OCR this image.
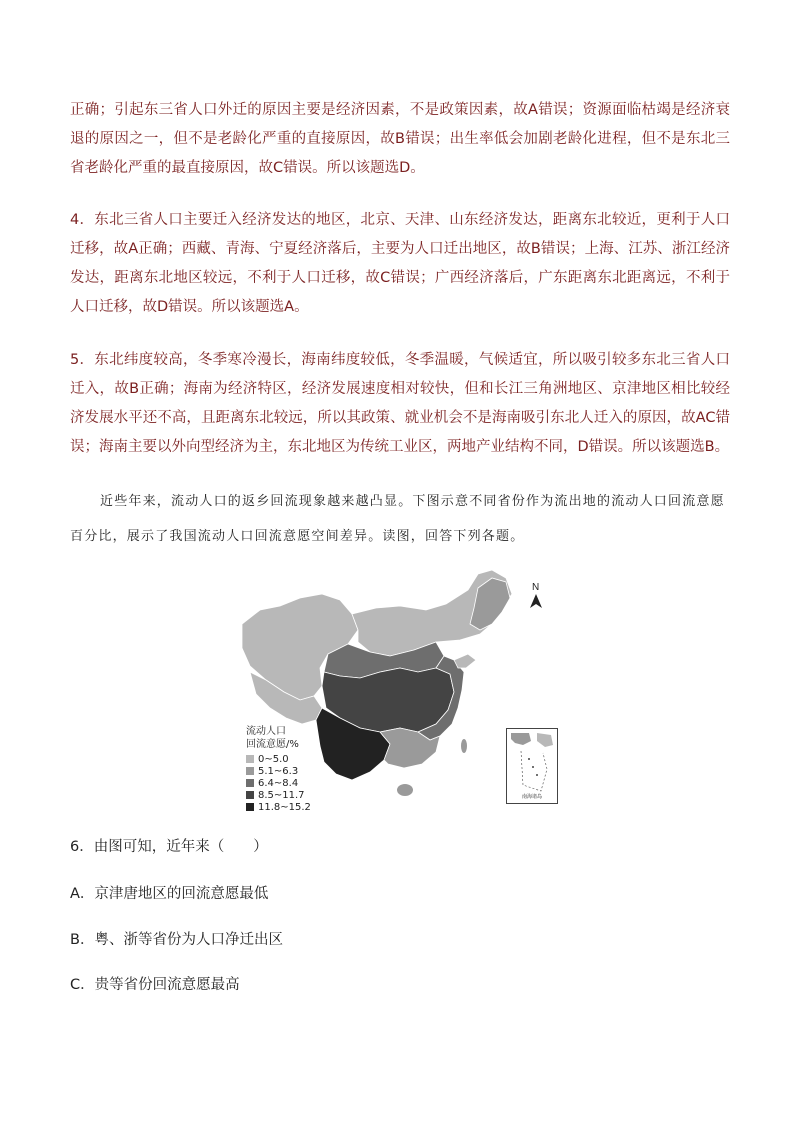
正确；引起东三省人口外迁的原因主要是经济因素，不是政策因素，故A错误；资源面临枯竭是经济衰退的原因之一，但不是老龄化严重的直接原因，故B错误；出生率低会加剧老龄化进程，但不是东北三省老龄化严重的最直接原因，故C错误。所以该题选D。

4．东北三省人口主要迁入经济发达的地区，北京、天津、山东经济发达，距离东北较近，更利于人口迁移，故A正确；西藏、青海、宁夏经济落后，主要为人口迁出地区，故B错误；上海、江苏、浙江经济发达，距离东北地区较远，不利于人口迁移，故C错误；广西经济落后，广东距离东北距离远，不利于人口迁移，故D错误。所以该题选A。

5．东北纬度较高，冬季寒冷漫长，海南纬度较低，冬季温暖，气候适宜，所以吸引较多东北三省人口迁入，故B正确；海南为经济特区，经济发展速度相对较快，但和长江三角洲地区、京津地区相比较经济发展水平还不高，且距离东北较远，所以其政策、就业机会不是海南吸引东北人迁入的原因，故AC错误；海南主要以外向型经济为主，东北地区为传统工业区，两地产业结构不同，D错误。所以该题选B。

近些年来，流动人口的返乡回流现象越来越凸显。下图示意不同省份作为流出地的流动人口回流意愿百分比，展示了我国流动人口回流意愿空间差异。读图，回答下列各题。

N
流动人口
回流意愿/%
0~5.0
5.1~6.3
6.4~8.4
8.5~11.7
11.8~15.2
南海诸岛

6．由图可知，近年来（　　）

A．京津唐地区的回流意愿最低

B．粤、浙等省份为人口净迁出区

C．贵等省份回流意愿最高
